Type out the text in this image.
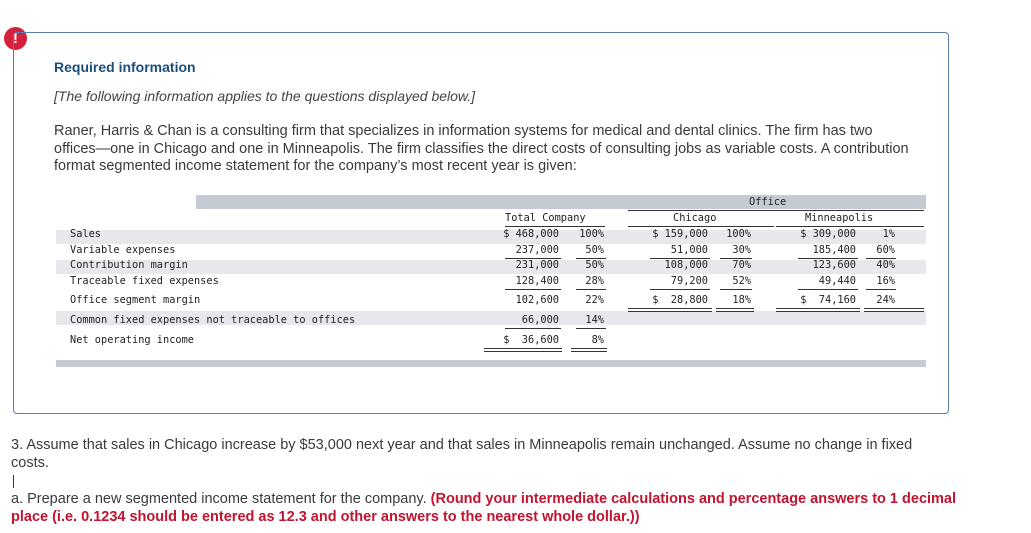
!
Required information
[The following information applies to the questions displayed below.]
Raner, Harris & Chan is a consulting firm that specializes in information systems for medical and dental clinics. The firm has two offices—one in Chicago and one in Minneapolis. The firm classifies the direct costs of consulting jobs as variable costs. A contribution format segmented income statement for the company’s most recent year is given:
Office
Total Company	Chicago	Minneapolis
Sales	$ 468,000	100%	$ 159,000	100%	$ 309,000	1%
Variable expenses	237,000	50%	51,000	30%	185,400	60%
Contribution margin	231,000	50%	108,000	70%	123,600	40%
Traceable fixed expenses	128,400	28%	79,200	52%	49,440	16%
Office segment margin	102,600	22%	$  28,800	18%	$  74,160	24%
Common fixed expenses not traceable to offices	66,000	14%
Net operating income	$  36,600	8%
3. Assume that sales in Chicago increase by $53,000 next year and that sales in Minneapolis remain unchanged. Assume no change in fixed costs.
a. Prepare a new segmented income statement for the company. (Round your intermediate calculations and percentage answers to 1 decimal place (i.e. 0.1234 should be entered as 12.3 and other answers to the nearest whole dollar.))
